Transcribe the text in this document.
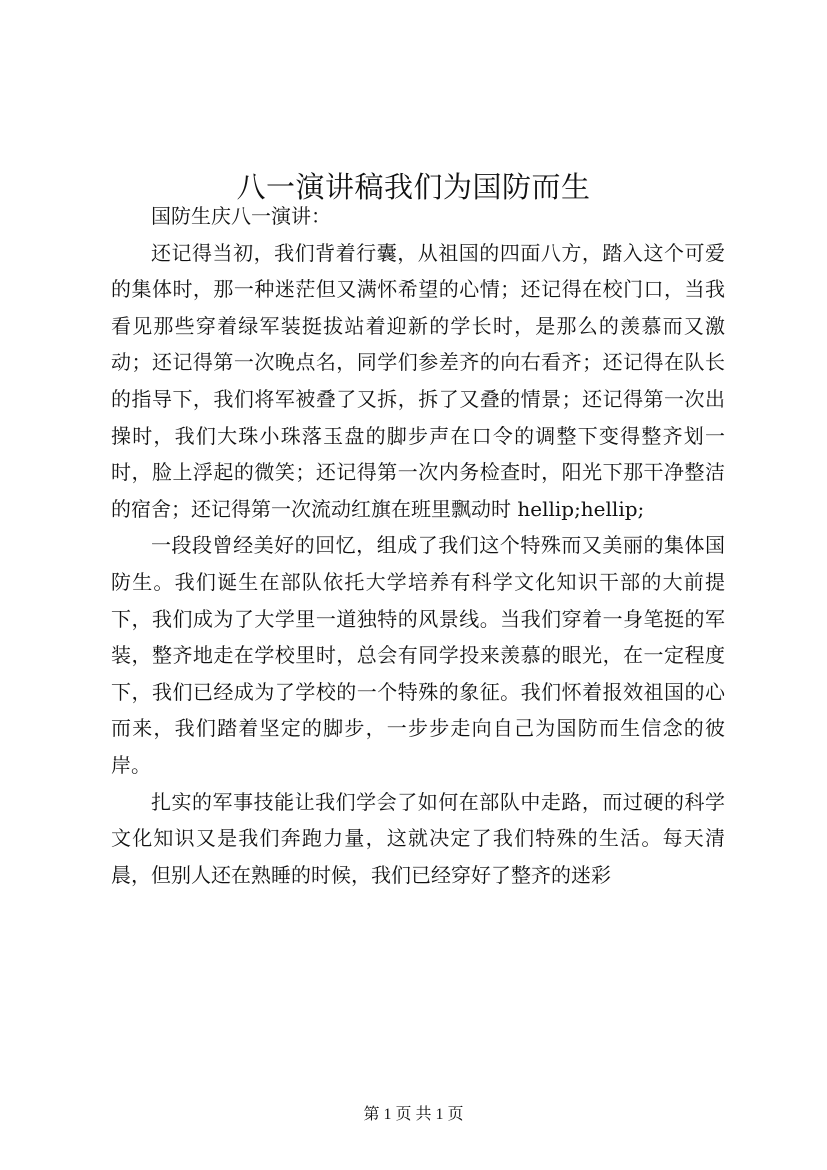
八一演讲稿我们为国防而生

国防生庆八一演讲：

还记得当初，我们背着行囊，从祖国的四面八方，踏入这个可爱的集体时，那一种迷茫但又满怀希望的心情；还记得在校门口，当我看见那些穿着绿军装挺拔站着迎新的学长时，是那么的羡慕而又激动；还记得第一次晚点名，同学们参差齐的向右看齐；还记得在队长的指导下，我们将军被叠了又拆，拆了又叠的情景；还记得第一次出操时，我们大珠小珠落玉盘的脚步声在口令的调整下变得整齐划一时，脸上浮起的微笑；还记得第一次内务检查时，阳光下那干净整洁的宿舍；还记得第一次流动红旗在班里飘动时 hellip;hellip;

一段段曾经美好的回忆，组成了我们这个特殊而又美丽的集体国防生。我们诞生在部队依托大学培养有科学文化知识干部的大前提下，我们成为了大学里一道独特的风景线。当我们穿着一身笔挺的军装，整齐地走在学校里时，总会有同学投来羡慕的眼光，在一定程度下，我们已经成为了学校的一个特殊的象征。我们怀着报效祖国的心而来，我们踏着坚定的脚步，一步步走向自己为国防而生信念的彼岸。

扎实的军事技能让我们学会了如何在部队中走路，而过硬的科学文化知识又是我们奔跑力量，这就决定了我们特殊的生活。每天清晨，但别人还在熟睡的时候，我们已经穿好了整齐的迷彩

第 1 页 共 1 页
